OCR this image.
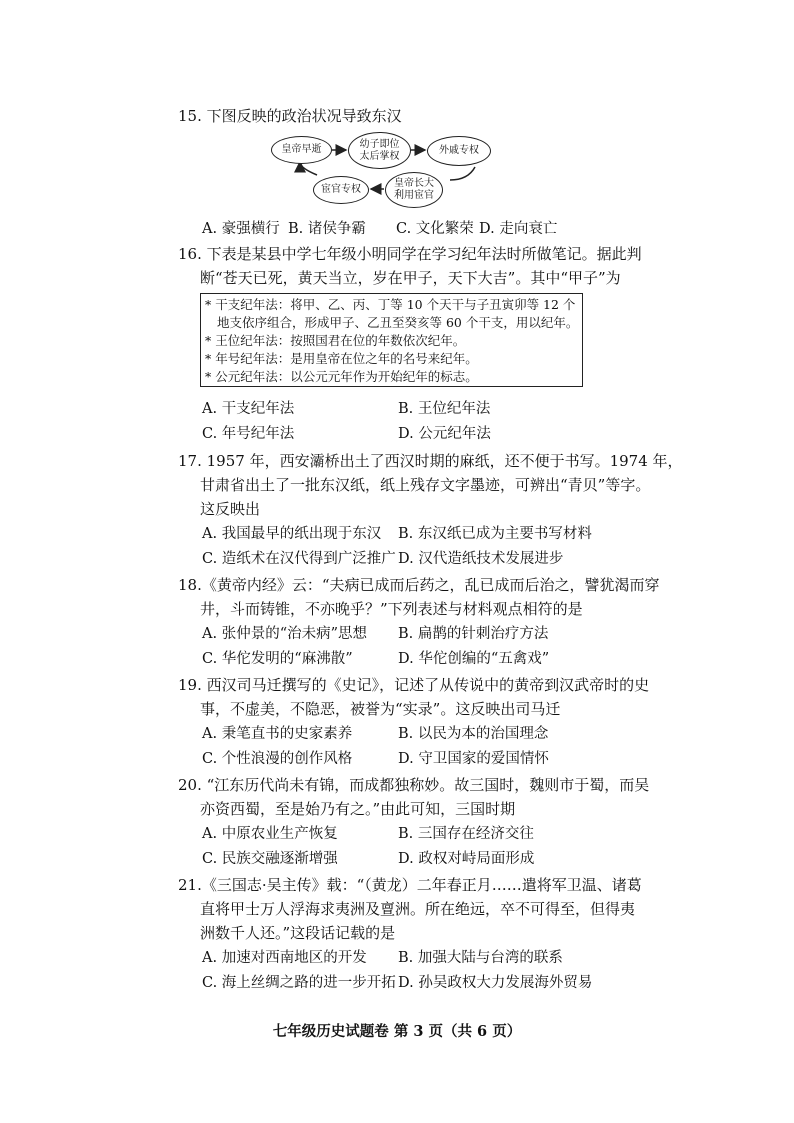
15. 下图反映的政治状况导致东汉
皇帝早逝	幼子即位
太后掌权	外戚专权
皇帝长大
利用宦官
宦官专权
A. 豪强横行 B. 诸侯争霸 C. 文化繁荣 D. 走向衰亡
16. 下表是某县中学七年级小明同学在学习纪年法时所做笔记。据此判
断“苍天已死，黄天当立，岁在甲子，天下大吉”。其中“甲子”为
* 干支纪年法：将甲、乙、丙、丁等 10 个天干与子丑寅卯等 12 个
地支依序组合，形成甲子、乙丑至癸亥等 60 个干支，用以纪年。
* 王位纪年法：按照国君在位的年数依次纪年。
* 年号纪年法：是用皇帝在位之年的名号来纪年。
* 公元纪年法：以公元元年作为开始纪年的标志。
A. 干支纪年法	B. 王位纪年法
C. 年号纪年法	D. 公元纪年法
17. 1957 年，西安灞桥出土了西汉时期的麻纸，还不便于书写。1974 年，
甘肃省出土了一批东汉纸，纸上残存文字墨迹，可辨出“青贝”等字。
这反映出
A. 我国最早的纸出现于东汉 B. 东汉纸已成为主要书写材料
C. 造纸术在汉代得到广泛推广 D. 汉代造纸技术发展进步
18.《黄帝内经》云：“夫病已成而后药之，乱已成而后治之，譬犹渴而穿
井，斗而铸锥，不亦晚乎？”下列表述与材料观点相符的是
A. 张仲景的“治未病”思想 B. 扁鹊的针刺治疗方法
C. 华佗发明的“麻沸散”	D. 华佗创编的“五禽戏”
19. 西汉司马迁撰写的《史记》，记述了从传说中的黄帝到汉武帝时的史
事，不虚美，不隐恶，被誉为“实录”。这反映出司马迁
A. 秉笔直书的史家素养	B. 以民为本的治国理念
C. 个性浪漫的创作风格	D. 守卫国家的爱国情怀
20. “江东历代尚未有锦，而成都独称妙。故三国时，魏则市于蜀，而吴
亦资西蜀，至是始乃有之。”由此可知，三国时期
A. 中原农业生产恢复	B. 三国存在经济交往
C. 民族交融逐渐增强	D. 政权对峙局面形成
21.《三国志·吴主传》载：“（黄龙）二年春正月……遣将军卫温、诸葛
直将甲士万人浮海求夷洲及亶洲。所在绝远，卒不可得至，但得夷
洲数千人还。”这段话记载的是
A. 加速对西南地区的开发 B. 加强大陆与台湾的联系
C. 海上丝绸之路的进一步开拓 D. 孙吴政权大力发展海外贸易
七年级历史试题卷 第 3 页（共 6 页）
